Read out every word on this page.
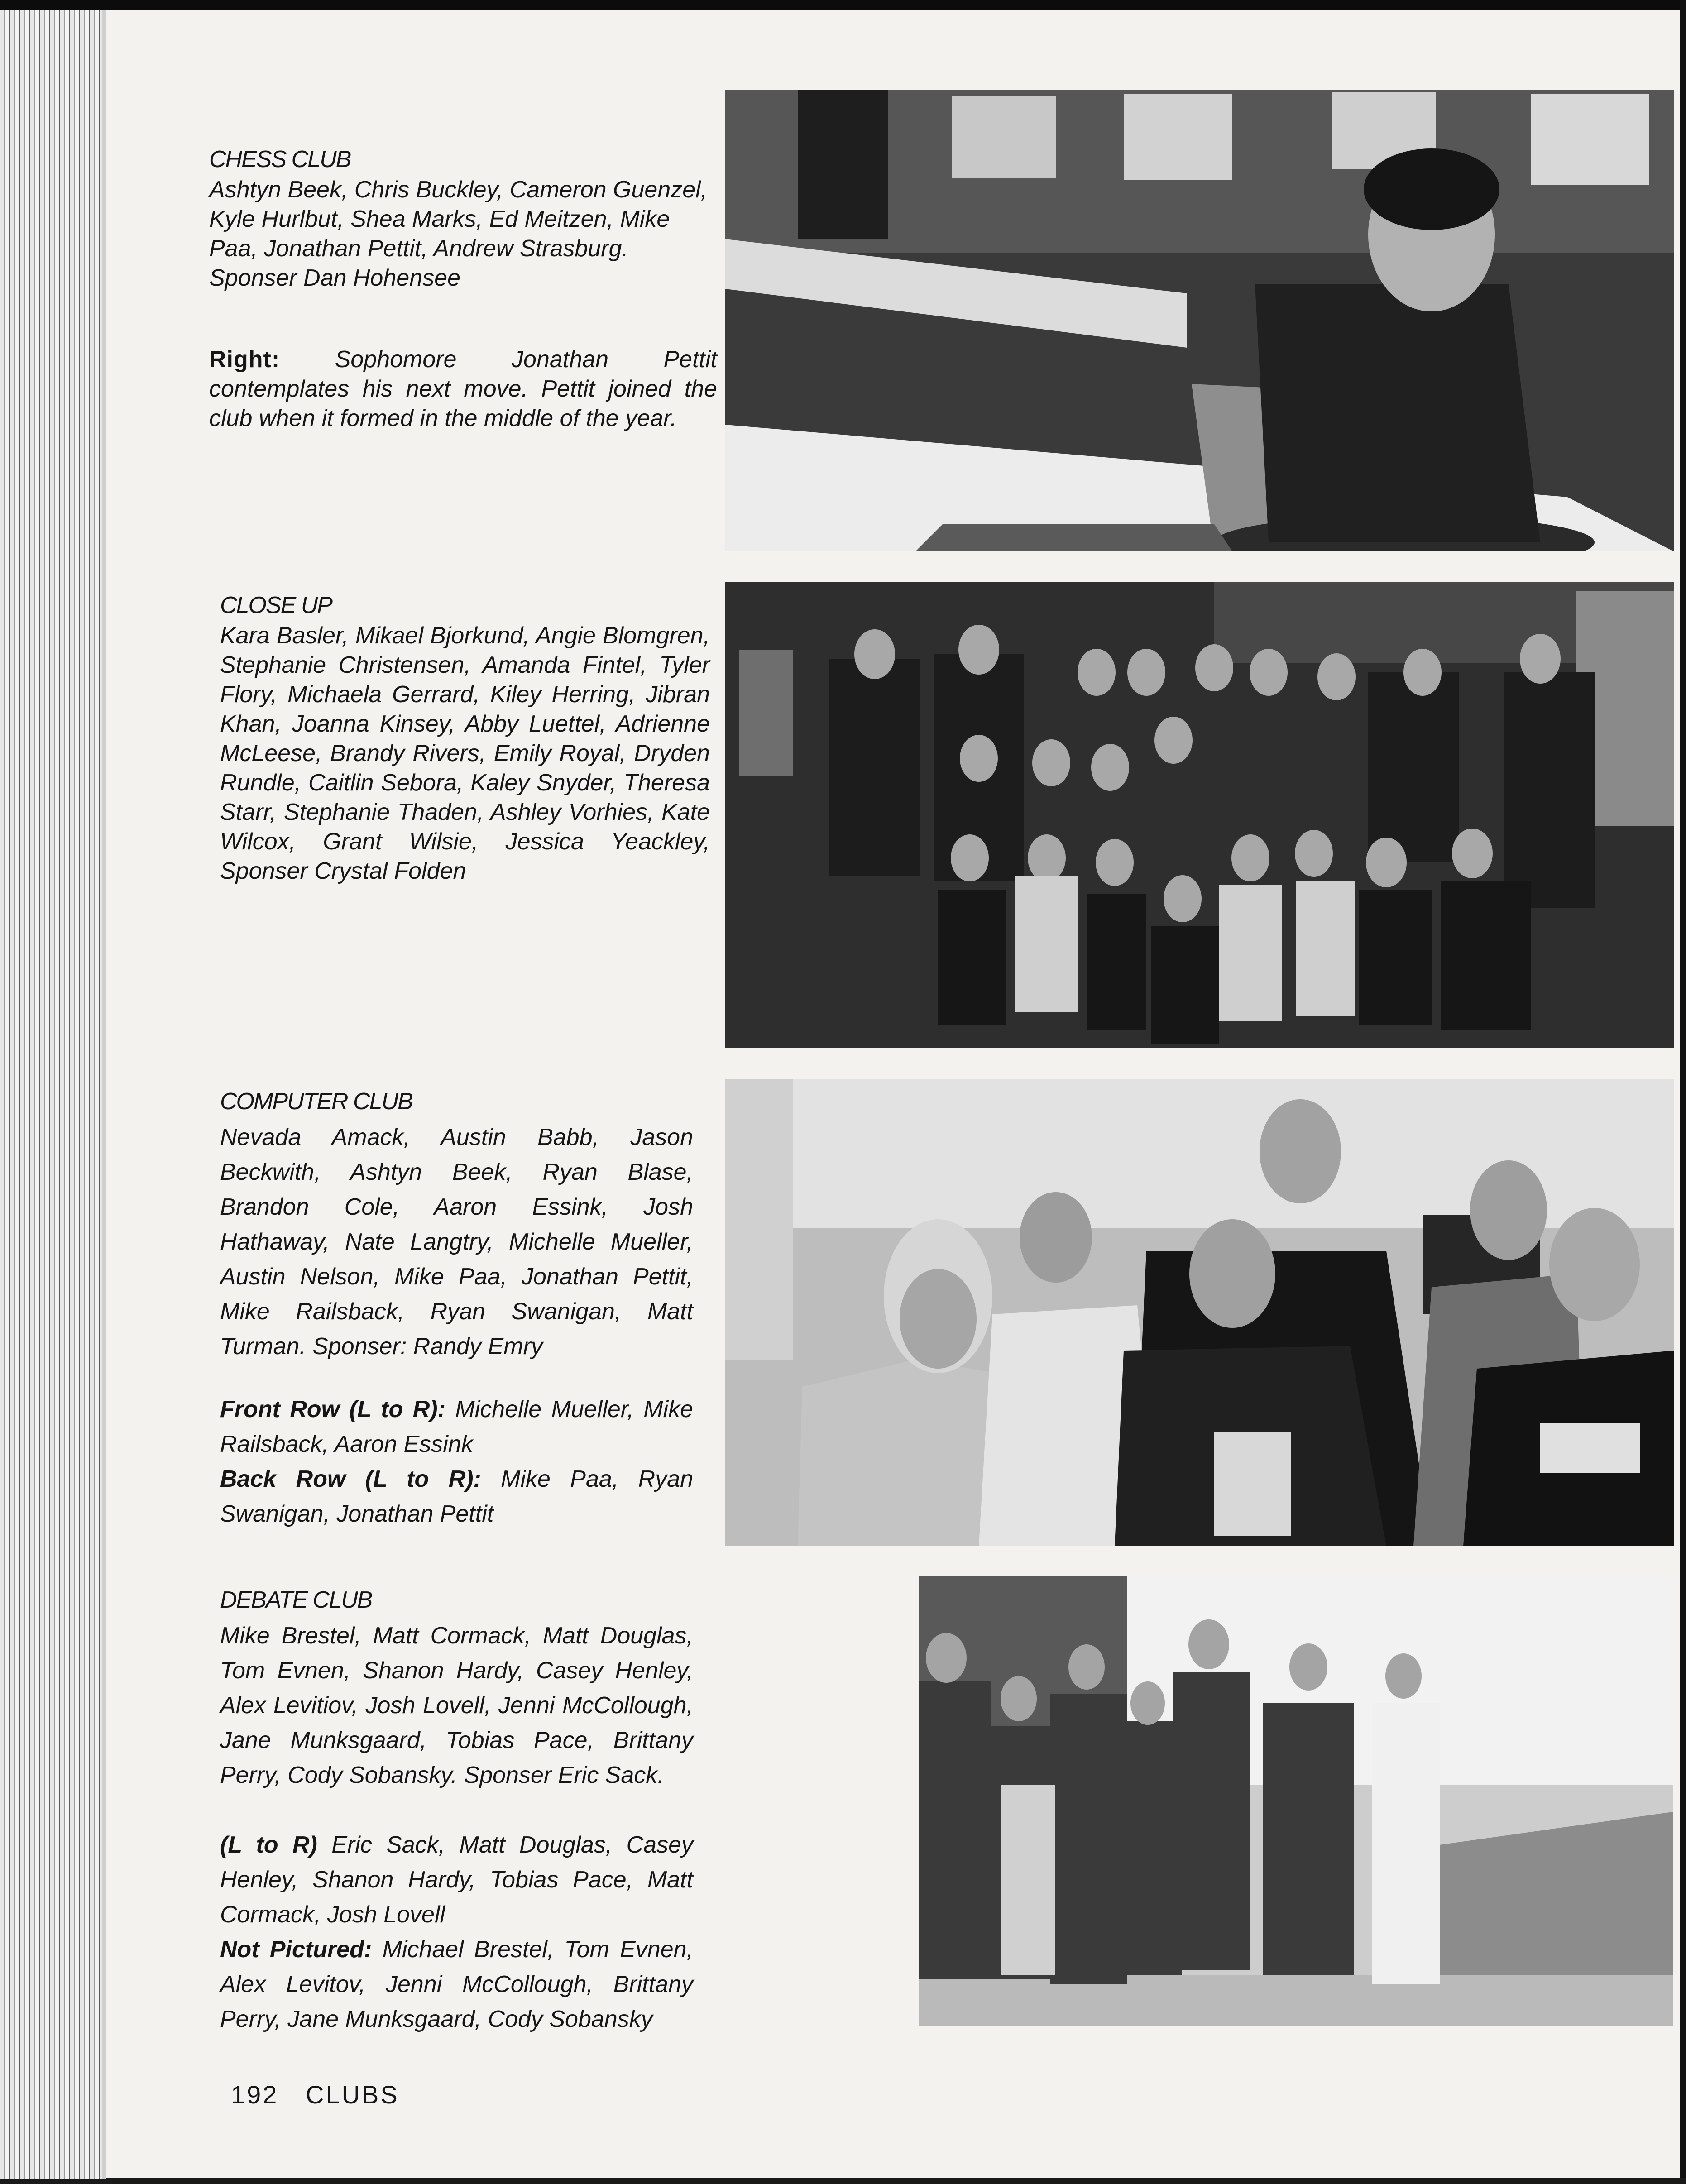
CHESS CLUB

Ashtyn Beek, Chris Buckley, Cameron Guenzel, Kyle Hurlbut, Shea Marks, Ed Meitzen, Mike Paa, Jonathan Pettit, Andrew Strasburg. Sponser Dan Hohensee

Right: Sophomore Jonathan Pettit contemplates his next move. Pettit joined the club when it formed in the middle of the year.

CLOSE UP

Kara Basler, Mikael Bjorkund, Angie Blomgren, Stephanie Christensen, Amanda Fintel, Tyler Flory, Michaela Gerrard, Kiley Herring, Jibran Khan, Joanna Kinsey, Abby Luettel, Adrienne McLeese, Brandy Rivers, Emily Royal, Dryden Rundle, Caitlin Sebora, Kaley Snyder, Theresa Starr, Stephanie Thaden, Ashley Vorhies, Kate Wilcox, Grant Wilsie, Jessica Yeackley, Sponser Crystal Folden

COMPUTER CLUB

Nevada Amack, Austin Babb, Jason Beckwith, Ashtyn Beek, Ryan Blase, Brandon Cole, Aaron Essink, Josh Hathaway, Nate Langtry, Michelle Mueller, Austin Nelson, Mike Paa, Jonathan Pettit, Mike Railsback, Ryan Swanigan, Matt Turman. Sponser: Randy Emry

Front Row (L to R): Michelle Mueller, Mike Railsback, Aaron Essink

Back Row (L to R): Mike Paa, Ryan Swanigan, Jonathan Pettit

DEBATE CLUB

Mike Brestel, Matt Cormack, Matt Douglas, Tom Evnen, Shanon Hardy, Casey Henley, Alex Levitiov, Josh Lovell, Jenni McCollough, Jane Munksgaard, Tobias Pace, Brittany Perry, Cody Sobansky. Sponser Eric Sack.

(L to R) Eric Sack, Matt Douglas, Casey Henley, Shanon Hardy, Tobias Pace, Matt Cormack, Josh Lovell

Not Pictured: Michael Brestel, Tom Evnen, Alex Levitov, Jenni McCollough, Brittany Perry, Jane Munksgaard, Cody Sobansky

192 CLUBS
